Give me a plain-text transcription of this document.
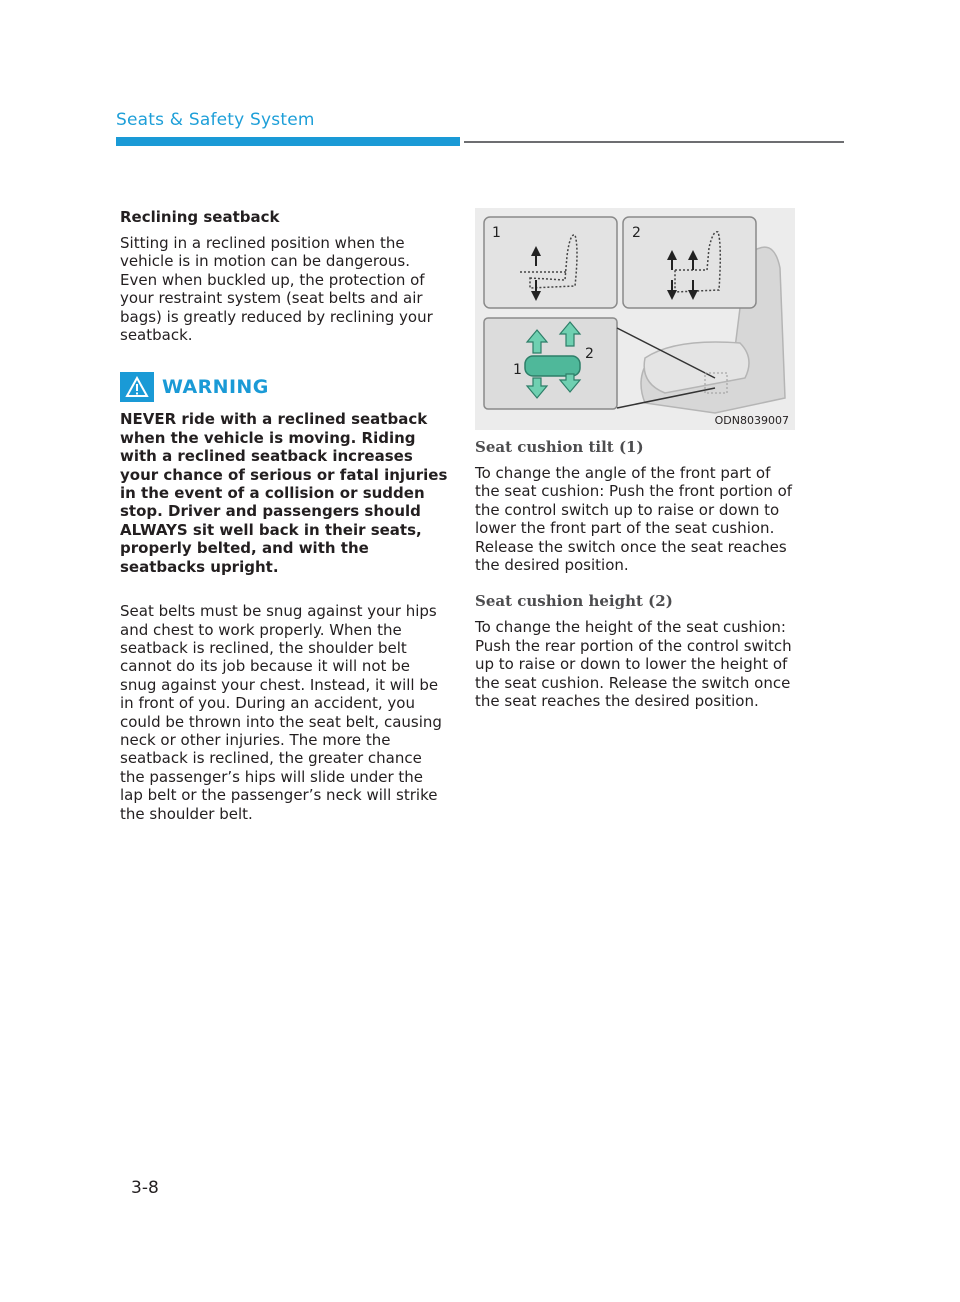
Seats & Safety System
Reclining seatback

Sitting in a reclined position when the vehicle is in motion can be dangerous. Even when buckled up, the protection of your restraint system (seat belts and air bags) is greatly reduced by reclining your seatback.

WARNING

NEVER ride with a reclined seatback when the vehicle is moving. Riding with a reclined seatback increases your chance of serious or fatal injuries in the event of a collision or sudden stop. Driver and passengers should ALWAYS sit well back in their seats, properly belted, and with the seatbacks upright.

Seat belts must be snug against your hips and chest to work properly. When the seatback is reclined, the shoulder belt cannot do its job because it will not be snug against your chest. Instead, it will be in front of you. During an accident, you could be thrown into the seat belt, causing neck or other injuries. The more the seatback is reclined, the greater chance the passenger’s hips will slide under the lap belt or the passenger’s neck will strike the shoulder belt.

1	2
1
2
ODN8039007
Seat cushion tilt (1)

To change the angle of the front part of the seat cushion: Push the front portion of the control switch up to raise or down to lower the front part of the seat cushion. Release the switch once the seat reaches the desired position.

Seat cushion height (2)

To change the height of the seat cushion: Push the rear portion of the control switch up to raise or down to lower the height of the seat cushion. Release the switch once the seat reaches the desired position.

3-8
